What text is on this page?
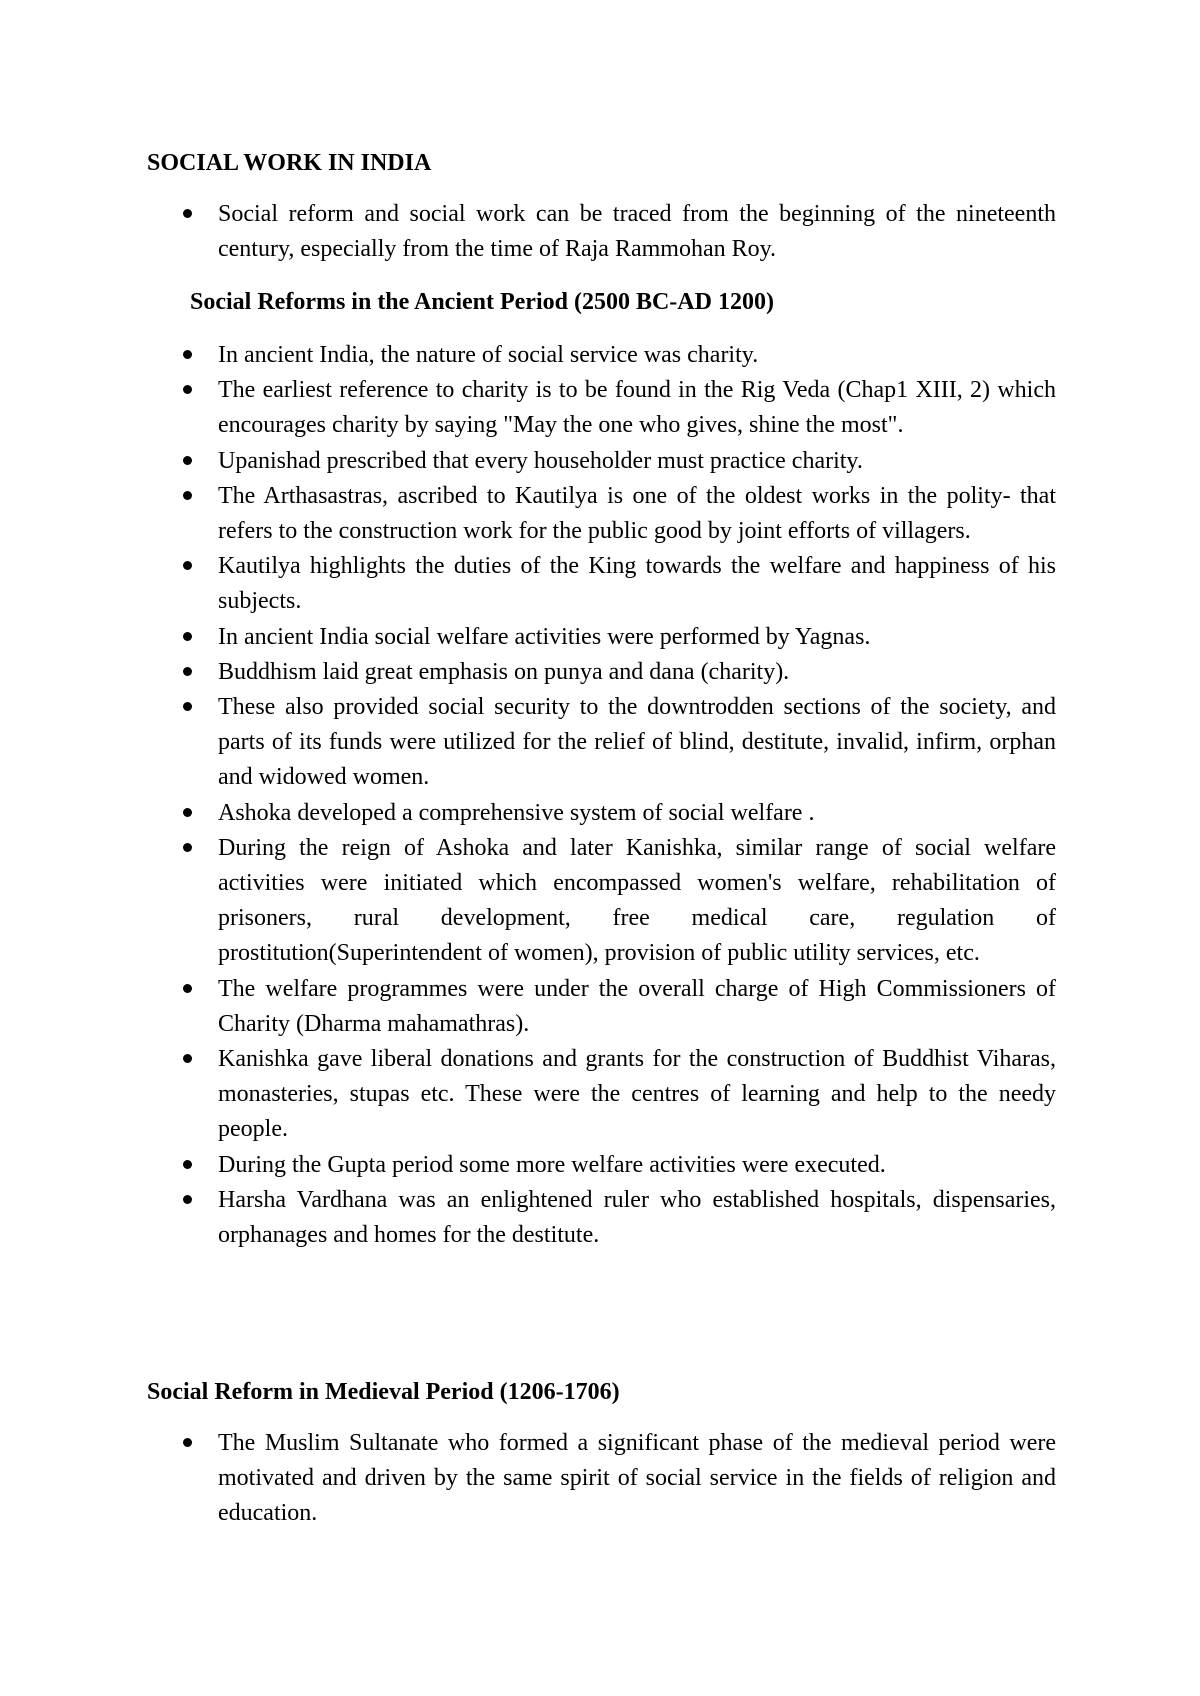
SOCIAL WORK IN INDIA
Social reform and social work can be traced from the beginning of the nineteenth century, especially from the time of Raja Rammohan Roy.
Social Reforms in the Ancient Period (2500 BC-AD 1200)
In ancient India, the nature of social service was charity.
The earliest reference to charity is to be found in the Rig Veda (Chap1 XIII, 2) which encourages charity by saying "May the one who gives, shine the most".
Upanishad prescribed that every householder must practice charity.
The Arthasastras, ascribed to Kautilya is one of the oldest works in the polity- that refers to the construction work for the public good by joint efforts of villagers.
Kautilya highlights the duties of the King towards the welfare and happiness of his subjects.
In ancient India social welfare activities were performed by Yagnas.
Buddhism laid great emphasis on punya and dana (charity).
These also provided social security to the downtrodden sections of the society, and parts of its funds were utilized for the relief of blind, destitute, invalid, infirm, orphan and widowed women.
Ashoka developed a comprehensive system of social welfare .
During the reign of Ashoka and later Kanishka, similar range of social welfare activities were initiated which encompassed women's welfare, rehabilitation of prisoners, rural development, free medical care, regulation of prostitution(Superintendent of women), provision of public utility services, etc.
The welfare programmes were under the overall charge of High Commissioners of Charity (Dharma mahamathras).
Kanishka gave liberal donations and grants for the construction of Buddhist Viharas, monasteries, stupas etc. These were the centres of learning and help to the needy people.
During the Gupta period some more welfare activities were executed.
Harsha Vardhana was an enlightened ruler who established hospitals, dispensaries, orphanages and homes for the destitute.
Social Reform in Medieval Period (1206-1706)
The Muslim Sultanate who formed a significant phase of the medieval period were motivated and driven by the same spirit of social service in the fields of religion and education.
